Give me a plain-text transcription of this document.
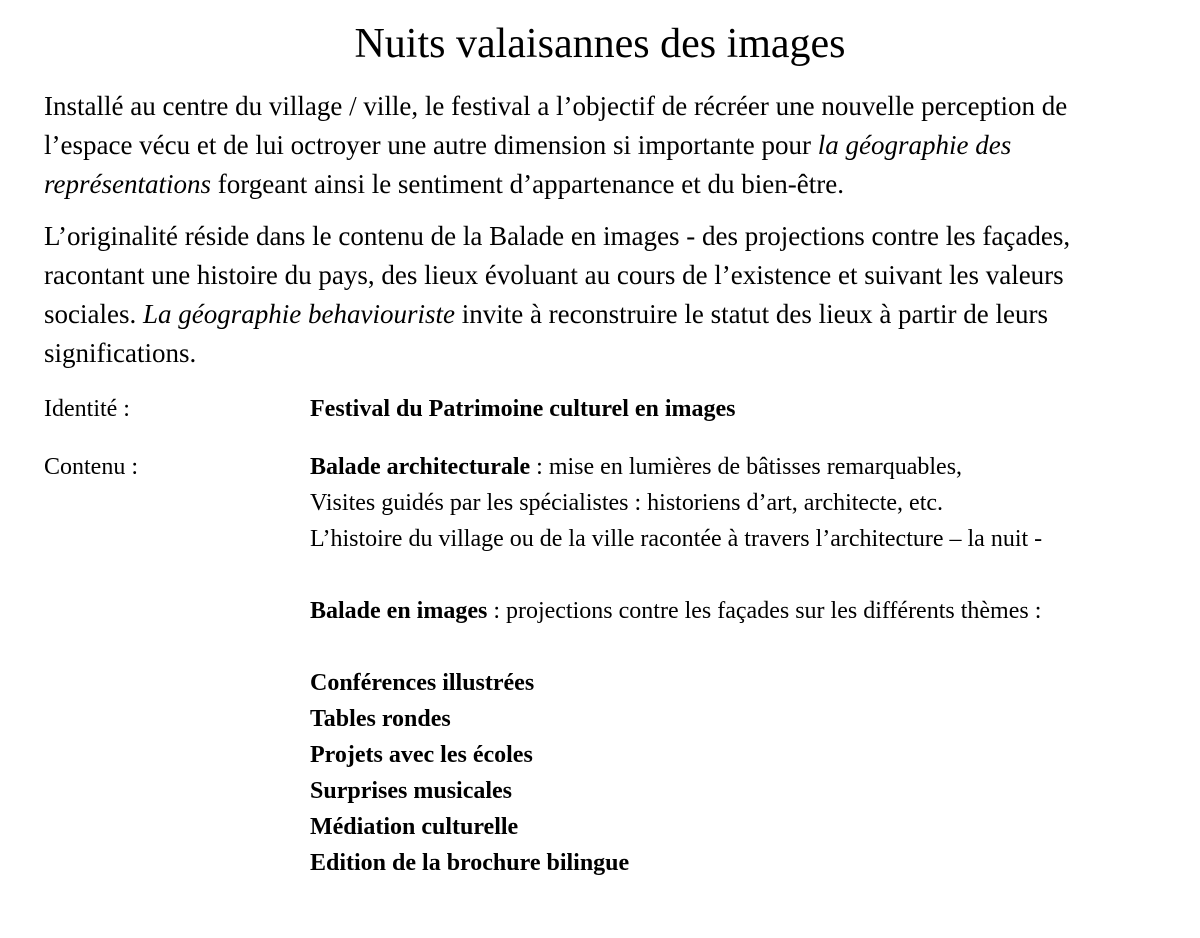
Nuits valaisannes des images

Installé au centre du village / ville, le festival a l’objectif de récréer une nouvelle perception de l’espace vécu et de lui octroyer une autre dimension si importante pour la géographie des représentations forgeant ainsi le sentiment d’appartenance et du bien-être.

L’originalité réside dans le contenu de la Balade en images - des projections contre les façades, racontant une histoire du pays, des lieux évoluant au cours de l’existence et suivant les valeurs sociales. La géographie behaviouriste invite à reconstruire le statut des lieux à partir de leurs significations.

Identité :	Festival du Patrimoine culturel en images
Contenu :	Balade architecturale : mise en lumières de bâtisses remarquables,
Visites guidés par les spécialistes : historiens d’art, architecte, etc.
L’histoire du village ou de la ville racontée à travers l’architecture – la nuit -
Balade en images : projections contre les façades sur les différents thèmes :
Conférences illustrées
Tables rondes
Projets avec les écoles
Surprises musicales
Médiation culturelle
Edition de la brochure bilingue
